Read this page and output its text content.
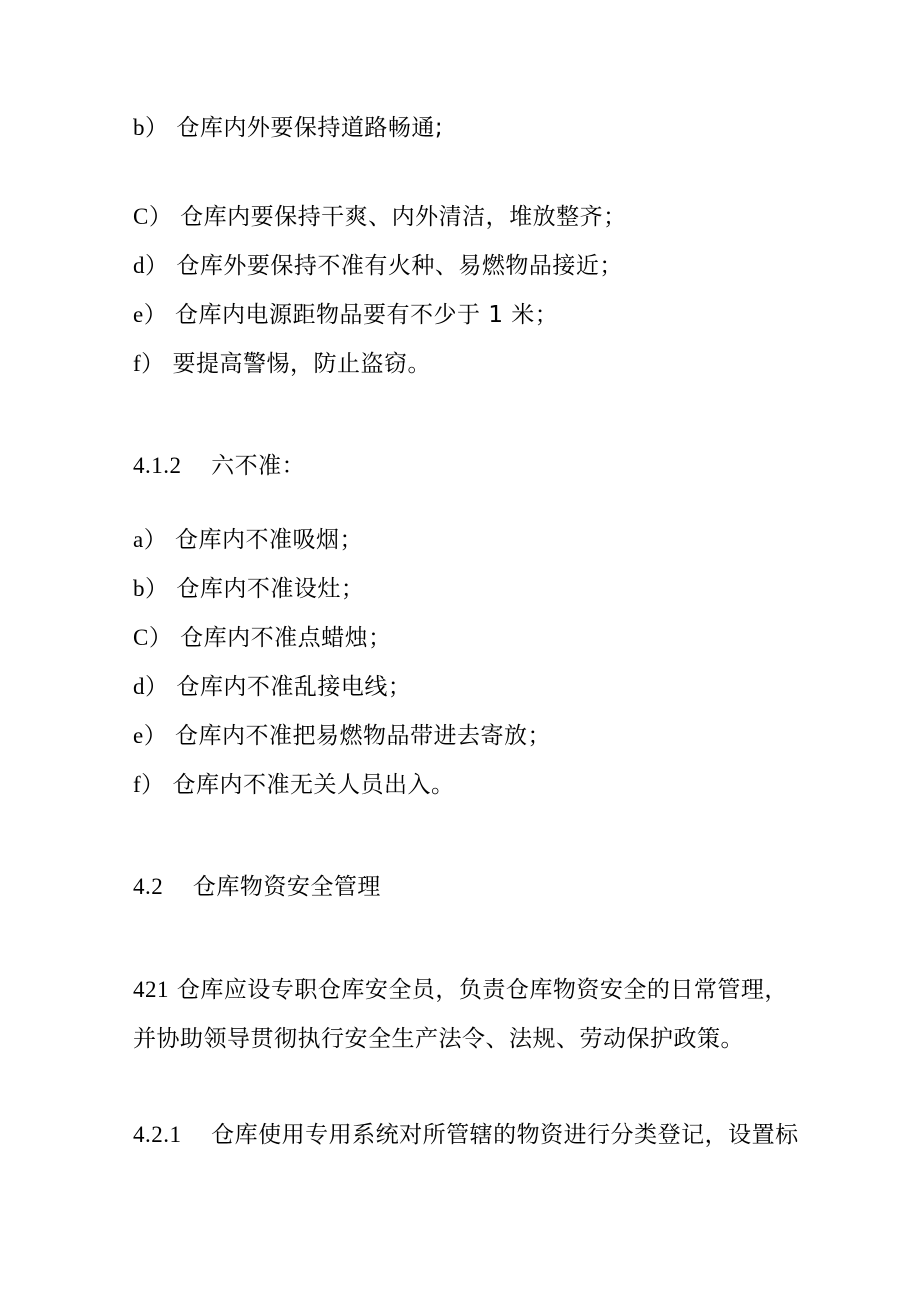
b） 仓库内外要保持道路畅通;
C） 仓库内要保持干爽、内外清洁，堆放整齐；
d） 仓库外要保持不准有火种、易燃物品接近；
e） 仓库内电源距物品要有不少于 1 米；
f） 要提高警惕，防止盗窃。
4.1.2 六不准：
a） 仓库内不准吸烟；
b） 仓库内不准设灶；
C） 仓库内不准点蜡烛；
d） 仓库内不准乱接电线；
e） 仓库内不准把易燃物品带进去寄放；
f） 仓库内不准无关人员出入。
4.2 仓库物资安全管理
421 仓库应设专职仓库安全员，负责仓库物资安全的日常管理，
并协助领导贯彻执行安全生产法令、法规、劳动保护政策。
4.2.1 仓库使用专用系统对所管辖的物资进行分类登记，设置标
